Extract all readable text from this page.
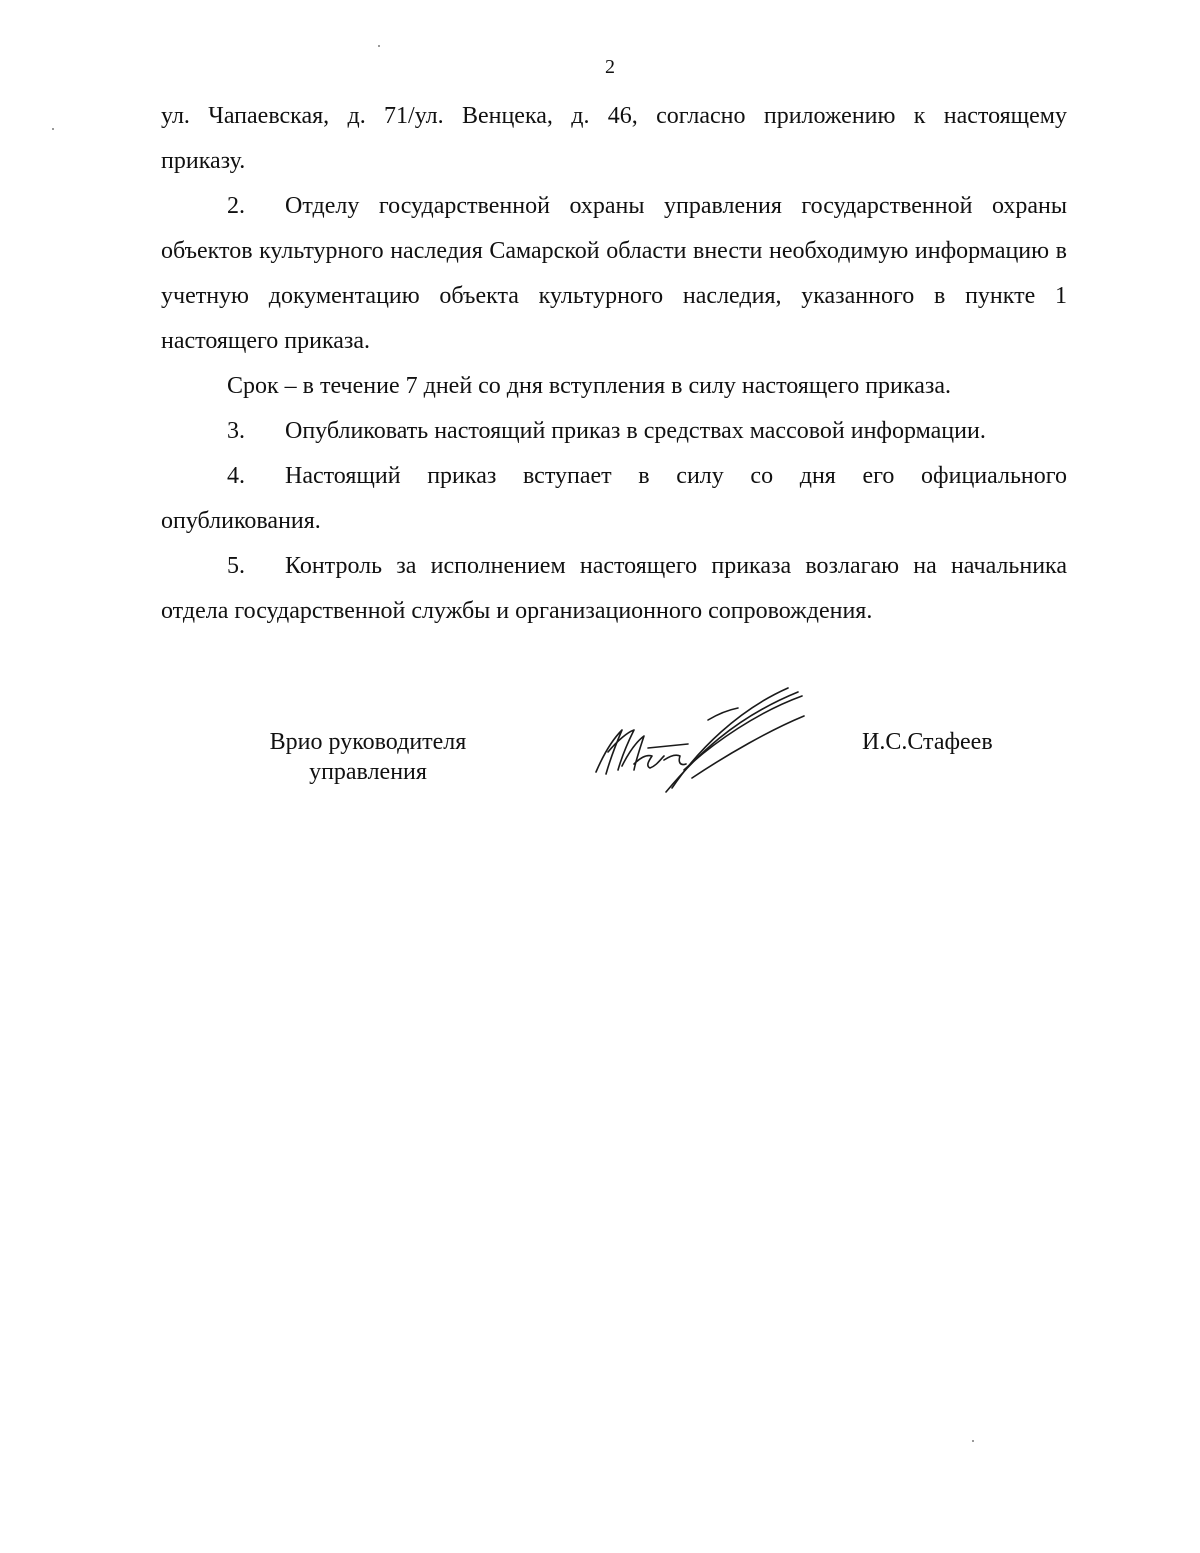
2

ул. Чапаевская, д. 71/ул. Венцека, д. 46, согласно приложению к настоящему

приказу.

2. Отделу государственной охраны управления государственной охраны объектов культурного наследия Самарской области внести необходимую информацию в учетную документацию объекта культурного наследия, указанного в пункте 1 настоящего приказа.

Срок – в течение 7 дней со дня вступления в силу настоящего приказа.

3. Опубликовать настоящий приказ в средствах массовой информации.

4. Настоящий приказ вступает в силу со дня его официального опубликования.

5. Контроль за исполнением настоящего приказа возлагаю на начальника отдела государственной службы и организационного сопровождения.

Врио руководителя
управления
И.С.Стафеев
